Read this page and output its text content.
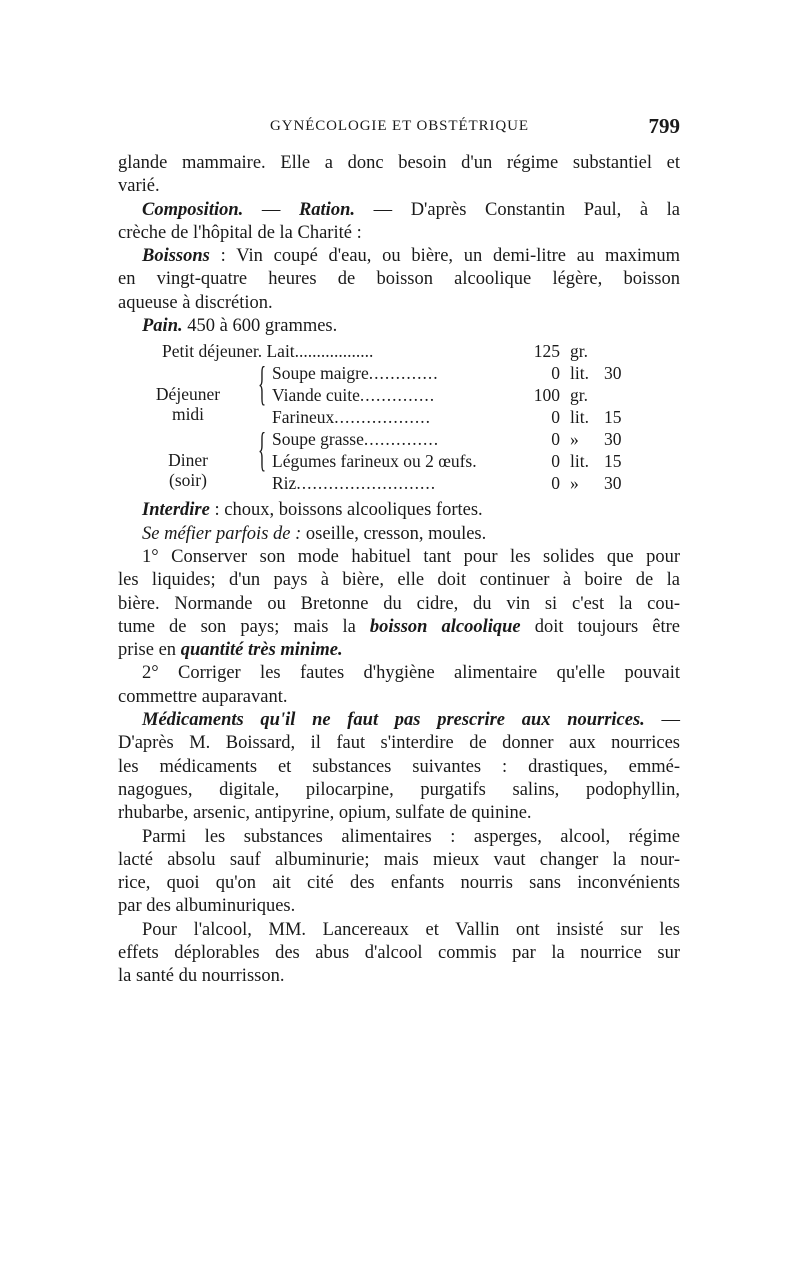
GYNÉCOLOGIE ET OBSTÉTRIQUE	799
glande mammaire. Elle a donc besoin d'un régime substantiel et
varié.
Composition. — Ration. — D'après Constantin Paul, à la
crèche de l'hôpital de la Charité :
Boissons : Vin coupé d'eau, ou bière, un demi-litre au maximum
en vingt-quatre heures de boisson alcoolique légère, boisson
aqueuse à discrétion.
Pain. 450 à 600 grammes.
Petit déjeuner. Lait..................	125 gr.
Déjeuner
midi
{ Soupe maigre.............	0 lit. 30
Viande cuite..............	100 gr.
Farineux..................	0 lit. 15
Diner
(soir)
{ Soupe grasse..............	0 » 30
Légumes farineux ou 2 œufs.	0 lit. 15
Riz..........................	0 » 30
Interdire : choux, boissons alcooliques fortes.
Se méfier parfois de : oseille, cresson, moules.
1° Conserver son mode habituel tant pour les solides que pour
les liquides; d'un pays à bière, elle doit continuer à boire de la
bière. Normande ou Bretonne du cidre, du vin si c'est la cou-
tume de son pays; mais la boisson alcoolique doit toujours être
prise en quantité très minime.
2° Corriger les fautes d'hygiène alimentaire qu'elle pouvait
commettre auparavant.
Médicaments qu'il ne faut pas prescrire aux nourrices. —
D'après M. Boissard, il faut s'interdire de donner aux nourrices
les médicaments et substances suivantes : drastiques, emmé-
nagogues, digitale, pilocarpine, purgatifs salins, podophyllin,
rhubarbe, arsenic, antipyrine, opium, sulfate de quinine.
Parmi les substances alimentaires : asperges, alcool, régime
lacté absolu sauf albuminurie; mais mieux vaut changer la nour-
rice, quoi qu'on ait cité des enfants nourris sans inconvénients
par des albuminuriques.
Pour l'alcool, MM. Lancereaux et Vallin ont insisté sur les
effets déplorables des abus d'alcool commis par la nourrice sur
la santé du nourrisson.
